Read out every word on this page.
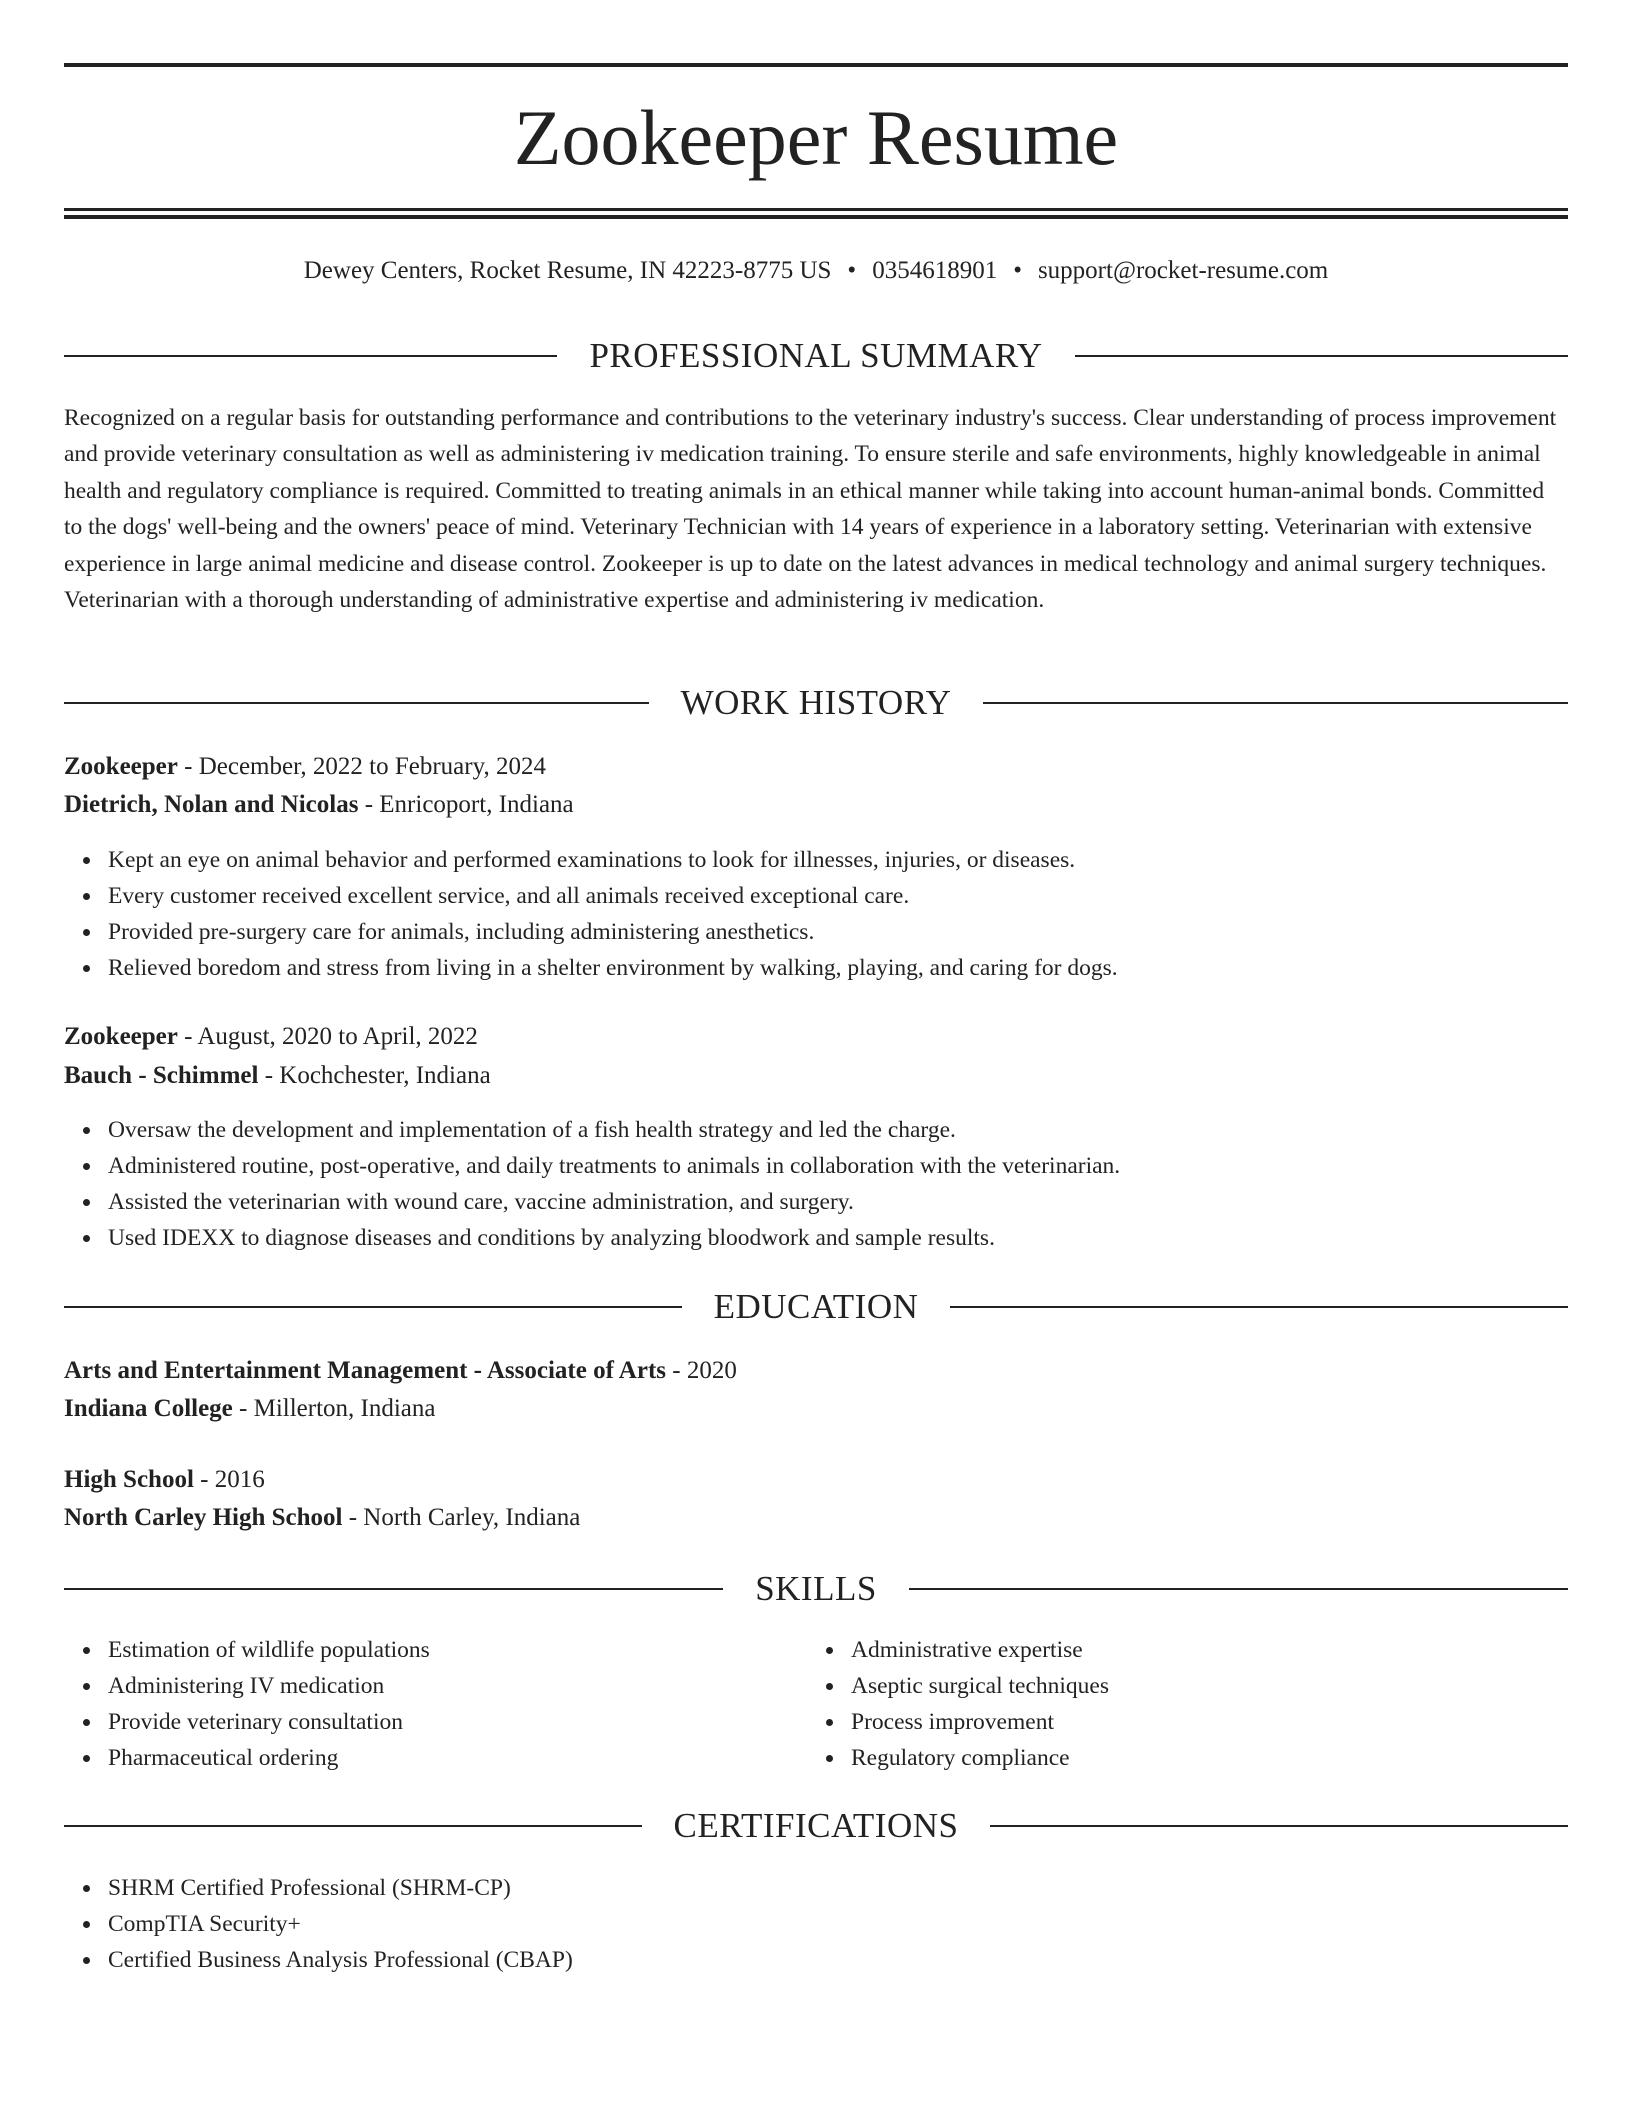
Zookeeper Resume
Dewey Centers, Rocket Resume, IN 42223-8775 US • 0354618901 • support@rocket-resume.com
PROFESSIONAL SUMMARY

Recognized on a regular basis for outstanding performance and contributions to the veterinary industry's success. Clear understanding of process improvement and provide veterinary consultation as well as administering iv medication training. To ensure sterile and safe environments, highly knowledgeable in animal health and regulatory compliance is required. Committed to treating animals in an ethical manner while taking into account human-animal bonds. Committed to the dogs' well-being and the owners' peace of mind. Veterinary Technician with 14 years of experience in a laboratory setting. Veterinarian with extensive experience in large animal medicine and disease control. Zookeeper is up to date on the latest advances in medical technology and animal surgery techniques. Veterinarian with a thorough understanding of administrative expertise and administering iv medication.

WORK HISTORY
Zookeeper - December, 2022 to February, 2024
Dietrich, Nolan and Nicolas - Enricoport, Indiana
Kept an eye on animal behavior and performed examinations to look for illnesses, injuries, or diseases.
Every customer received excellent service, and all animals received exceptional care.
Provided pre-surgery care for animals, including administering anesthetics.
Relieved boredom and stress from living in a shelter environment by walking, playing, and caring for dogs.
Zookeeper - August, 2020 to April, 2022
Bauch - Schimmel - Kochchester, Indiana
Oversaw the development and implementation of a fish health strategy and led the charge.
Administered routine, post-operative, and daily treatments to animals in collaboration with the veterinarian.
Assisted the veterinarian with wound care, vaccine administration, and surgery.
Used IDEXX to diagnose diseases and conditions by analyzing bloodwork and sample results.
EDUCATION
Arts and Entertainment Management - Associate of Arts - 2020
Indiana College - Millerton, Indiana
High School - 2016
North Carley High School - North Carley, Indiana
SKILLS
Estimation of wildlife populations
Administering IV medication
Provide veterinary consultation
Pharmaceutical ordering
Administrative expertise
Aseptic surgical techniques
Process improvement
Regulatory compliance
CERTIFICATIONS
SHRM Certified Professional (SHRM-CP)
CompTIA Security+
Certified Business Analysis Professional (CBAP)
